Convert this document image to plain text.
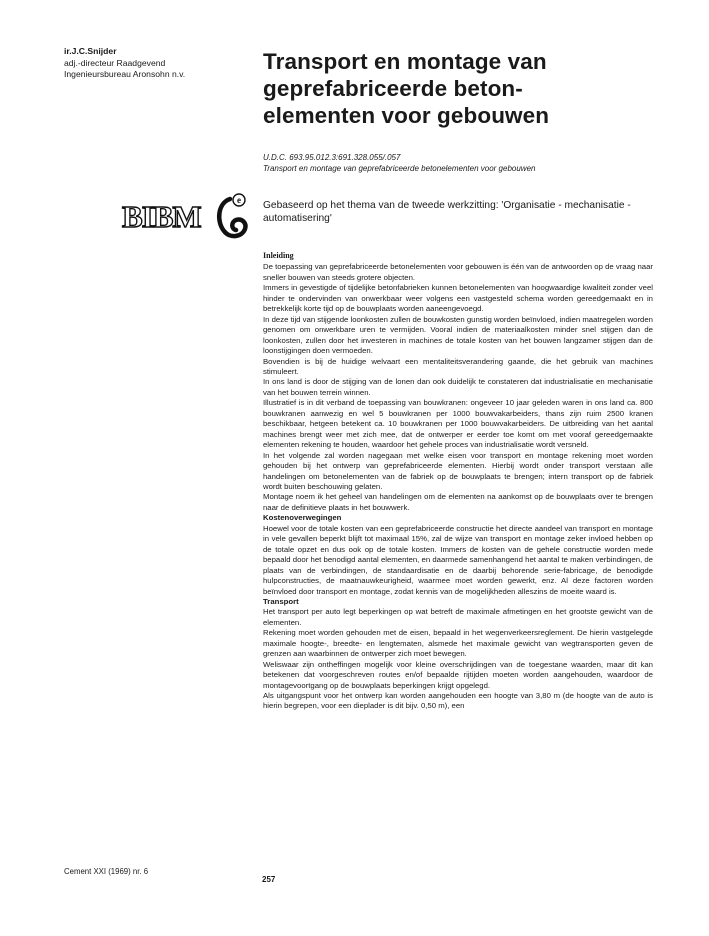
ir.J.C.Snijder
adj.-directeur Raadgevend
Ingenieursbureau Aronsohn n.v.	Transport en montage van
geprefabriceerde beton-
elementen voor gebouwen
U.D.C. 693.95.012.3:691.328.055/.057
Transport en montage van geprefabriceerde betonelementen voor gebouwen
BIBM	e Gebaseerd op het thema van de tweede werkzitting: 'Organisatie - mechanisatie - automatisering'

Inleiding

De toepassing van geprefabriceerde betonelementen voor gebouwen is één van de antwoorden op de vraag naar sneller bouwen van steeds grotere objecten.

Immers in gevestigde of tijdelijke betonfabrieken kunnen betonelementen van hoogwaardige kwaliteit zonder veel hinder te ondervinden van onwerkbaar weer volgens een vastgesteld schema worden gereedgemaakt en in betrekkelijk korte tijd op de bouwplaats worden aaneengevoegd.

In deze tijd van stijgende loonkosten zullen de bouwkosten gunstig worden beïnvloed, indien maatregelen worden genomen om onwerkbare uren te vermijden. Vooral indien de materiaalkosten minder snel stijgen dan de loonkosten, zullen door het investeren in machines de totale kosten van het bouwen langzamer stijgen dan de loonstijgingen doen vermoeden.

Bovendien is bij de huidige welvaart een mentaliteitsverandering gaande, die het gebruik van machines stimuleert.

In ons land is door de stijging van de lonen dan ook duidelijk te constateren dat industrialisatie en mechanisatie van het bouwen terrein winnen.

Illustratief is in dit verband de toepassing van bouwkranen: ongeveer 10 jaar geleden waren in ons land ca. 800 bouwkranen aanwezig en wel 5 bouwkranen per 1000 bouwvakarbeiders, thans zijn ruim 2500 kranen beschikbaar, hetgeen betekent ca. 10 bouwkranen per 1000 bouwvakarbeiders. De uitbreiding van het aantal machines brengt weer met zich mee, dat de ontwerper er eerder toe komt om met vooraf gereedgemaakte elementen rekening te houden, waardoor het gehele proces van industrialisatie wordt versneld.

In het volgende zal worden nagegaan met welke eisen voor transport en montage rekening moet worden gehouden bij het ontwerp van geprefabriceerde elementen. Hierbij wordt onder transport verstaan alle handelingen om betonelementen van de fabriek op de bouwplaats te brengen; intern transport op de fabriek wordt buiten beschouwing gelaten.

Montage noem ik het geheel van handelingen om de elementen na aankomst op de bouwplaats over te brengen naar de definitieve plaats in het bouwwerk.

Kostenoverwegingen

Hoewel voor de totale kosten van een geprefabriceerde constructie het directe aandeel van transport en montage in vele gevallen beperkt blijft tot maximaal 15%, zal de wijze van transport en montage zeker invloed hebben op de totale opzet en dus ook op de totale kosten. Immers de kosten van de gehele constructie worden mede bepaald door het benodigd aantal elementen, en daarmede samenhangend het aantal te maken verbindingen, de plaats van de verbindingen, de standaardisatie en de daarbij behorende serie-fabricage, de benodigde hulpconstructies, de maatnauwkeurigheid, waarmee moet worden gewerkt, enz. Al deze factoren worden beïnvloed door transport en montage, zodat kennis van de mogelijkheden alleszins de moeite waard is.

Transport

Het transport per auto legt beperkingen op wat betreft de maximale afmetingen en het grootste gewicht van de elementen.

Rekening moet worden gehouden met de eisen, bepaald in het wegenverkeersreglement. De hierin vastgelegde maximale hoogte-, breedte- en lengtematen, alsmede het maximale gewicht van wegtransporten geven de grenzen aan waarbinnen de ontwerper zich moet bewegen.

Weliswaar zijn ontheffingen mogelijk voor kleine overschrijdingen van de toegestane waarden, maar dit kan betekenen dat voorgeschreven routes en/of bepaalde rijtijden moeten worden aangehouden, waardoor de montagevoortgang op de bouwplaats beperkingen krijgt opgelegd.

Als uitgangspunt voor het ontwerp kan worden aangehouden een hoogte van 3,80 m (de hoogte van de auto is hierin begrepen, voor een dieplader is dit bijv. 0,50 m), een

Cement XXI (1969) nr. 6
257
